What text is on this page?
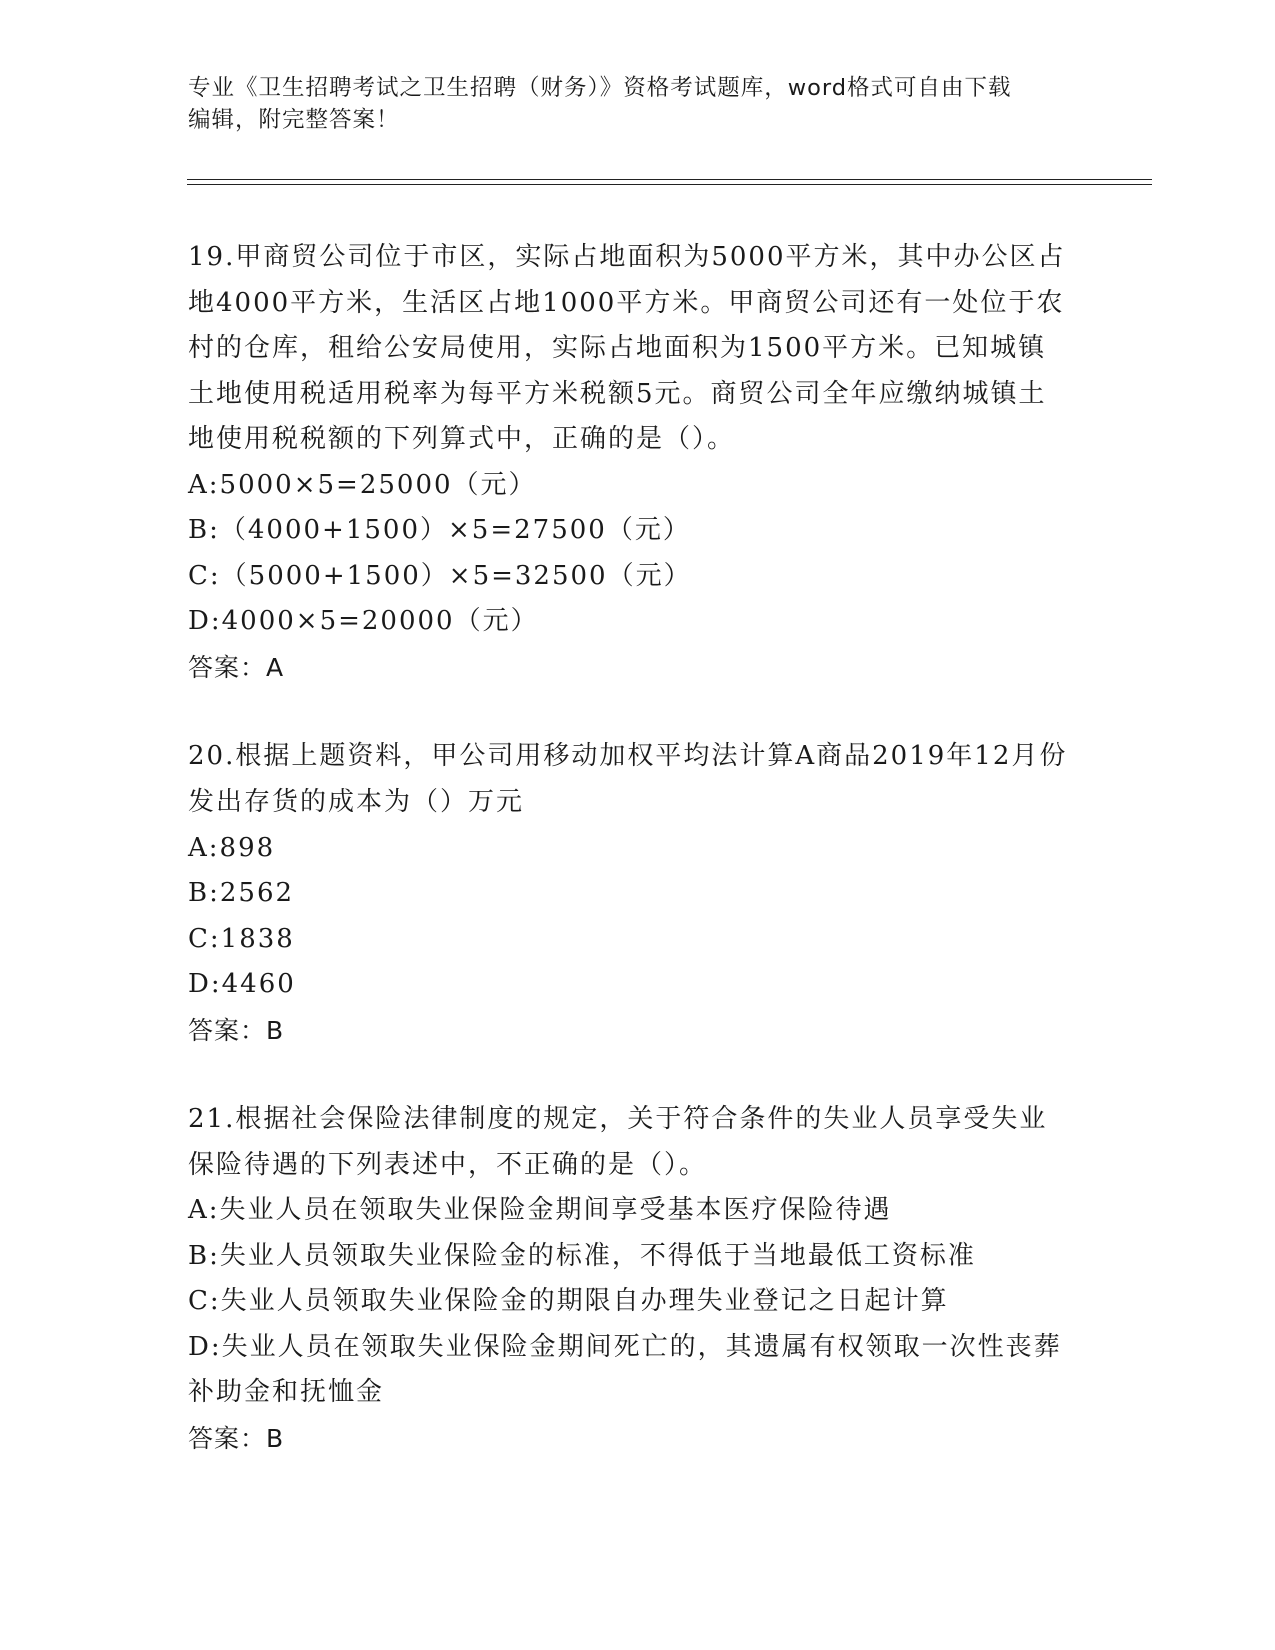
专业《卫生招聘考试之卫生招聘（财务）》资格考试题库，word格式可自由下载

编辑，附完整答案！

19.甲商贸公司位于市区，实际占地面积为5000平方米，其中办公区占地4000平方米，生活区占地1000平方米。甲商贸公司还有一处位于农村的仓库，租给公安局使用，实际占地面积为1500平方米。已知城镇土地使用税适用税率为每平方米税额5元。商贸公司全年应缴纳城镇土地使用税税额的下列算式中，正确的是（）。

A:5000×5=25000（元）
B:（4000+1500）×5=27500（元）
C:（5000+1500）×5=32500（元）
D:4000×5=20000（元）

答案：A

20.根据上题资料，甲公司用移动加权平均法计算A商品2019年12月份发出存货的成本为（）万元

A:898
B:2562
C:1838
D:4460

答案：B

21.根据社会保险法律制度的规定，关于符合条件的失业人员享受失业保险待遇的下列表述中，不正确的是（）。

A:失业人员在领取失业保险金期间享受基本医疗保险待遇
B:失业人员领取失业保险金的标准，不得低于当地最低工资标准
C:失业人员领取失业保险金的期限自办理失业登记之日起计算
D:失业人员在领取失业保险金期间死亡的，其遗属有权领取一次性丧葬补助金和抚恤金

答案：B
